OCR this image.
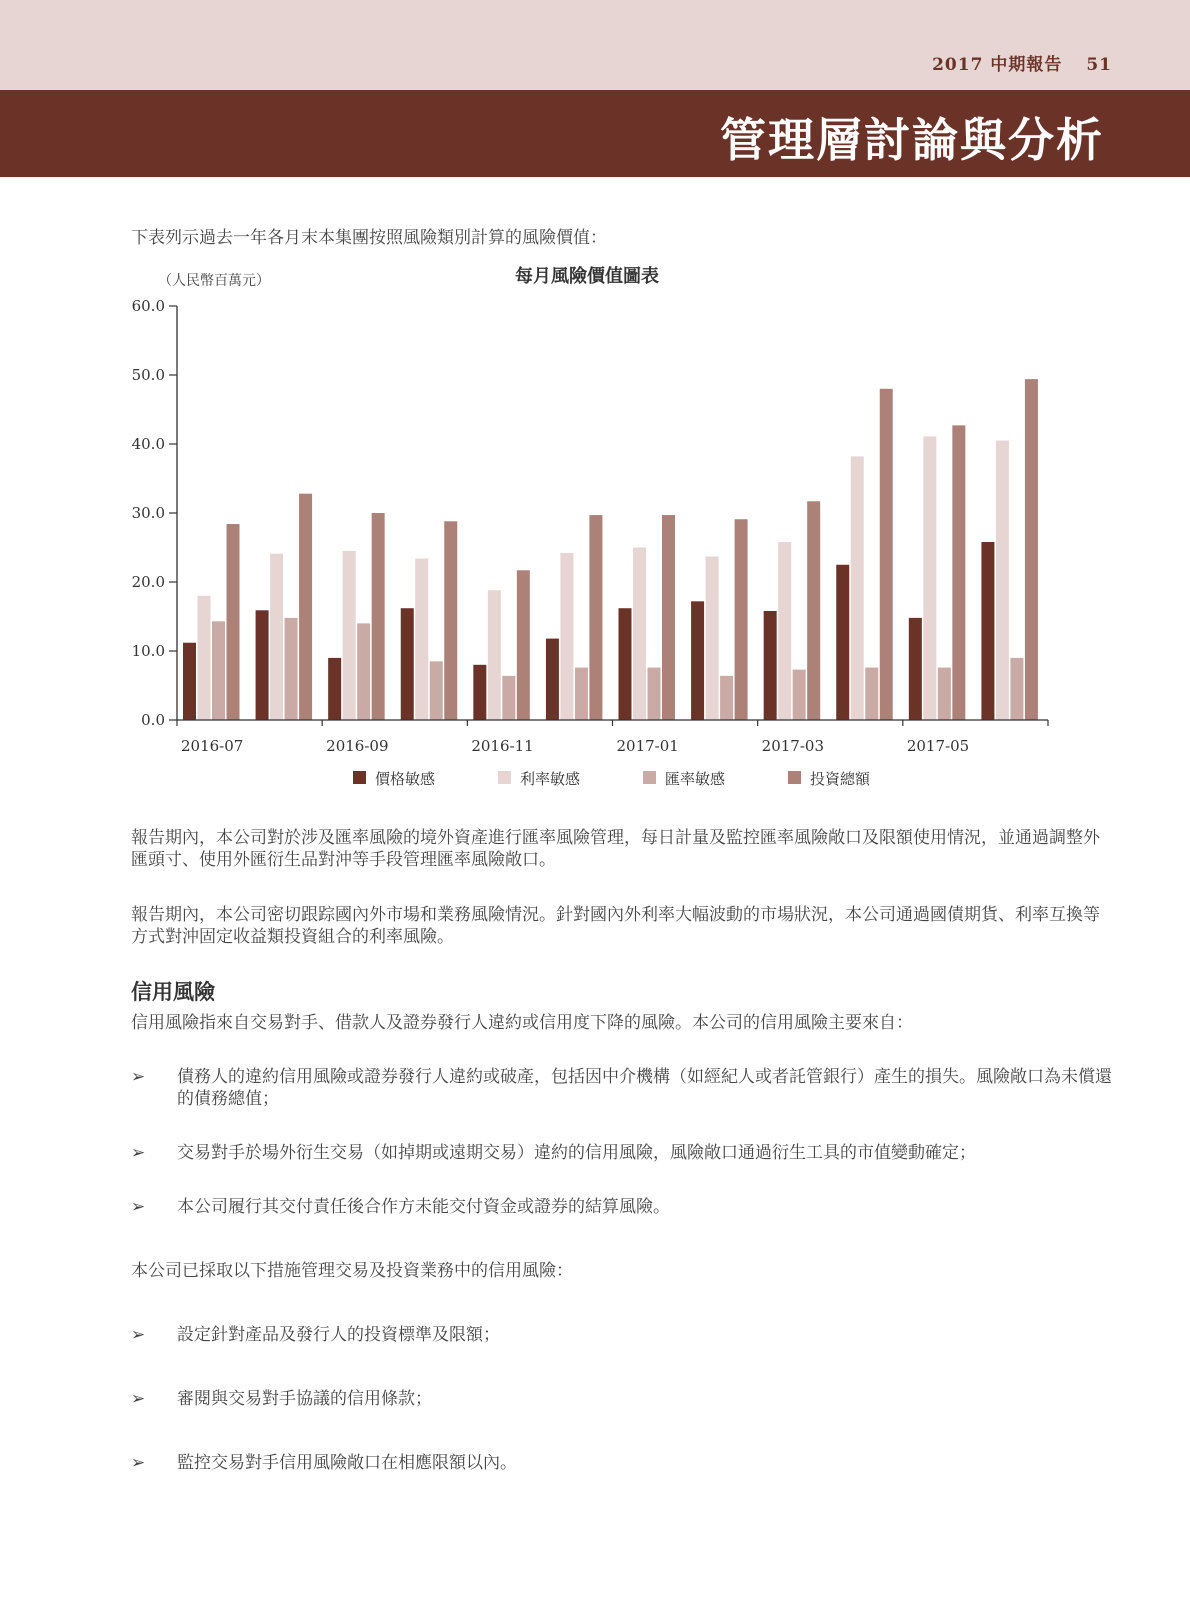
2017 中期報告 51
管理層討論與分析
下表列示過去一年各月末本集團按照風險類別計算的風險價值：
每月風險價值圖表
（人民幣百萬元）
0.0
10.0
20.0
30.0
40.0
50.0
60.0
2016-07	2016-09	2016-11	2017-01	2017-03	2017-05
價格敏感	利率敏感	匯率敏感	投資總額
報告期內，本公司對於涉及匯率風險的境外資產進行匯率風險管理，每日計量及監控匯率風險敞口及限額使用情況，並通過調整外匯頭寸、使用外匯衍生品對沖等手段管理匯率風險敞口。
報告期內，本公司密切跟踪國內外市場和業務風險情況。針對國內外利率大幅波動的市場狀況，本公司通過國債期貨、利率互換等方式對沖固定收益類投資組合的利率風險。
信用風險
信用風險指來自交易對手、借款人及證券發行人違約或信用度下降的風險。本公司的信用風險主要來自：
➢ 債務人的違約信用風險或證券發行人違約或破產，包括因中介機構（如經紀人或者託管銀行）產生的損失。風險敞口為未償還的債務總值；
➢ 交易對手於場外衍生交易（如掉期或遠期交易）違約的信用風險，風險敞口通過衍生工具的市值變動確定；
➢ 本公司履行其交付責任後合作方未能交付資金或證券的結算風險。
本公司已採取以下措施管理交易及投資業務中的信用風險：
➢ 設定針對產品及發行人的投資標準及限額；
➢ 審閱與交易對手協議的信用條款；
➢ 監控交易對手信用風險敞口在相應限額以內。
